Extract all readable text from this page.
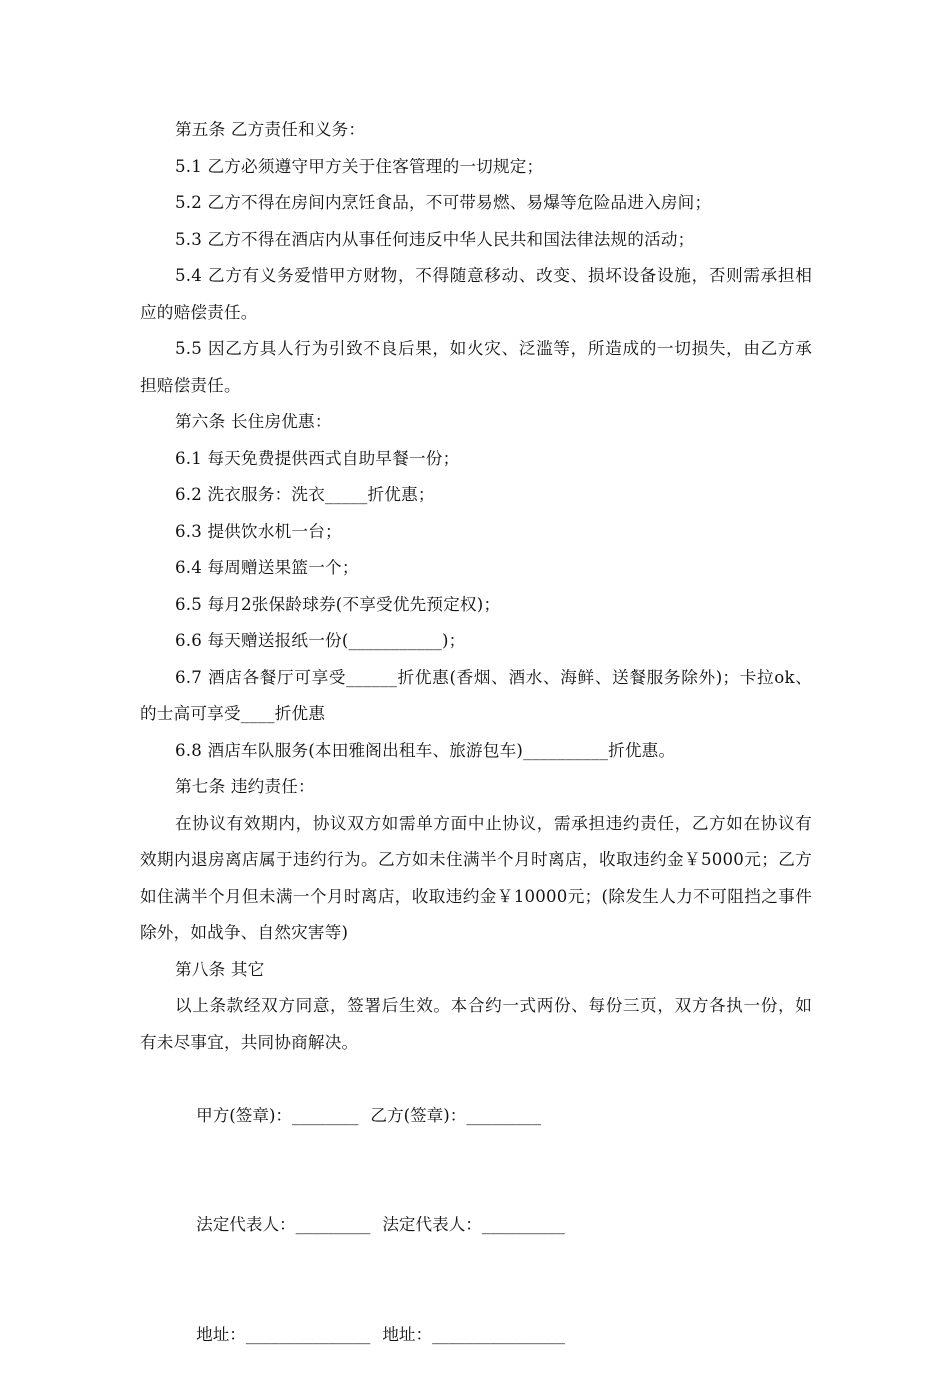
第五条 乙方责任和义务：

5.1 乙方必须遵守甲方关于住客管理的一切规定；

5.2 乙方不得在房间内烹饪食品，不可带易燃、易爆等危险品进入房间；

5.3 乙方不得在酒店内从事任何违反中华人民共和国法律法规的活动；

5.4 乙方有义务爱惜甲方财物，不得随意移动、改变、损坏设备设施，否则需承担相应的赔偿责任。

5.5 因乙方具人行为引致不良后果，如火灾、泛滥等，所造成的一切损失，由乙方承担赔偿责任。

第六条 长住房优惠：

6.1 每天免费提供西式自助早餐一份；

6.2 洗衣服务：洗衣_____折优惠；

6.3 提供饮水机一台；

6.4 每周赠送果篮一个；

6.5 每月2张保龄球券(不享受优先预定权)；

6.6 每天赠送报纸一份(___________)；

6.7 酒店各餐厅可享受______折优惠(香烟、酒水、海鲜、送餐服务除外)；卡拉ok、的士高可享受____折优惠

6.8 酒店车队服务(本田雅阁出租车、旅游包车)__________折优惠。

第七条 违约责任：

在协议有效期内，协议双方如需单方面中止协议，需承担违约责任，乙方如在协议有效期内退房离店属于违约行为。乙方如未住满半个月时离店，收取违约金￥5000元；乙方如住满半个月但未满一个月时离店，收取违约金￥10000元；(除发生人力不可阻挡之事件除外，如战争、自然灾害等)

第八条 其它

以上条款经双方同意，签署后生效。本合约一式两份、每份三页，双方各执一份，如有未尽事宜，共同协商解决。

甲方(签章)：________ 乙方(签章)：_________

法定代表人：_________ 法定代表人：__________

地址：_______________ 地址：________________
